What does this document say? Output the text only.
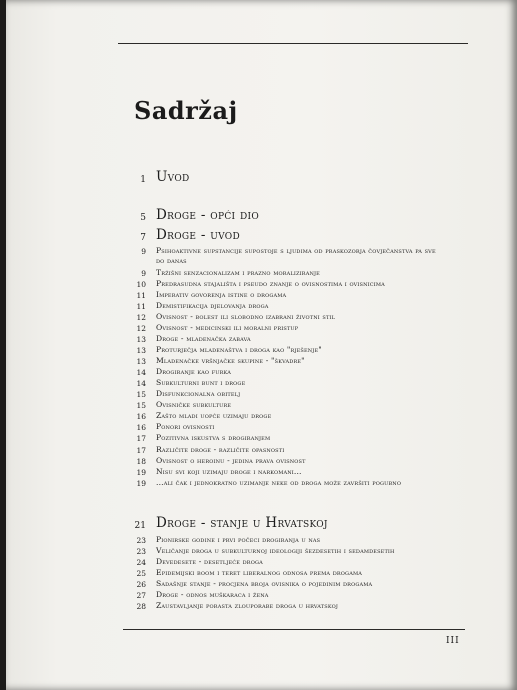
Sadržaj
1 Uvod
5 Droge - opći dio
7 Droge - uvod
9 Psihoaktivne supstancije supostoje s ljudima od praskozorja čovječanstva pa sve do danas
9 Tržišni senzacionalizam i prazno moraliziranje
10 Predrasudna stajališta i pseudo znanje o ovisnostima i ovisnicima
11 Imperativ govorenja istine o drogama
11 Demistifikacija djelovanja droga
12 Ovisnost - bolest ili slobodno izabrani životni stil
12 Ovisnost - medicinski ili moralni pristup
13 Droge - mladenačka zabava
13 Proturječja mladenaštva i droga kao "rješenje"
13 Mladenačke vršnjačke skupine - "škvadre"
14 Drogiranje kao furka
14 Subkulturni bunt i droge
15 Disfunkcionalna obitelj
15 Ovisničke subkulture
16 Zašto mladi uopće uzimaju droge
16 Ponori ovisnosti
17 Pozitivna iskustva s drogiranjem
17 Različite droge - različite opasnosti
18 Ovisnost o heroinu - jedina prava ovisnost
19 Nisu svi koji uzimaju droge i narkomani...
19 ...ali čak i jednokratno uzimanje neke od droga može završiti pogubno
21 Droge - stanje u Hrvatskoj
23 Pionirske godine i prvi počeci drogiranja u nas
23 Veličanje droga u subkulturnoj ideologiji šezdesetih i sedamdesetih
24 Devedesete - desetljeće droga
25 Epidemijski boom i teret liberalnog odnosa prema drogama
26 Sadašnje stanje - procjena broja ovisnika o pojedinim drogama
27 Droge - odnos muškaraca i žena
28 Zaustavljanje porasta zlouporabe droga u hrvatskoj
III
